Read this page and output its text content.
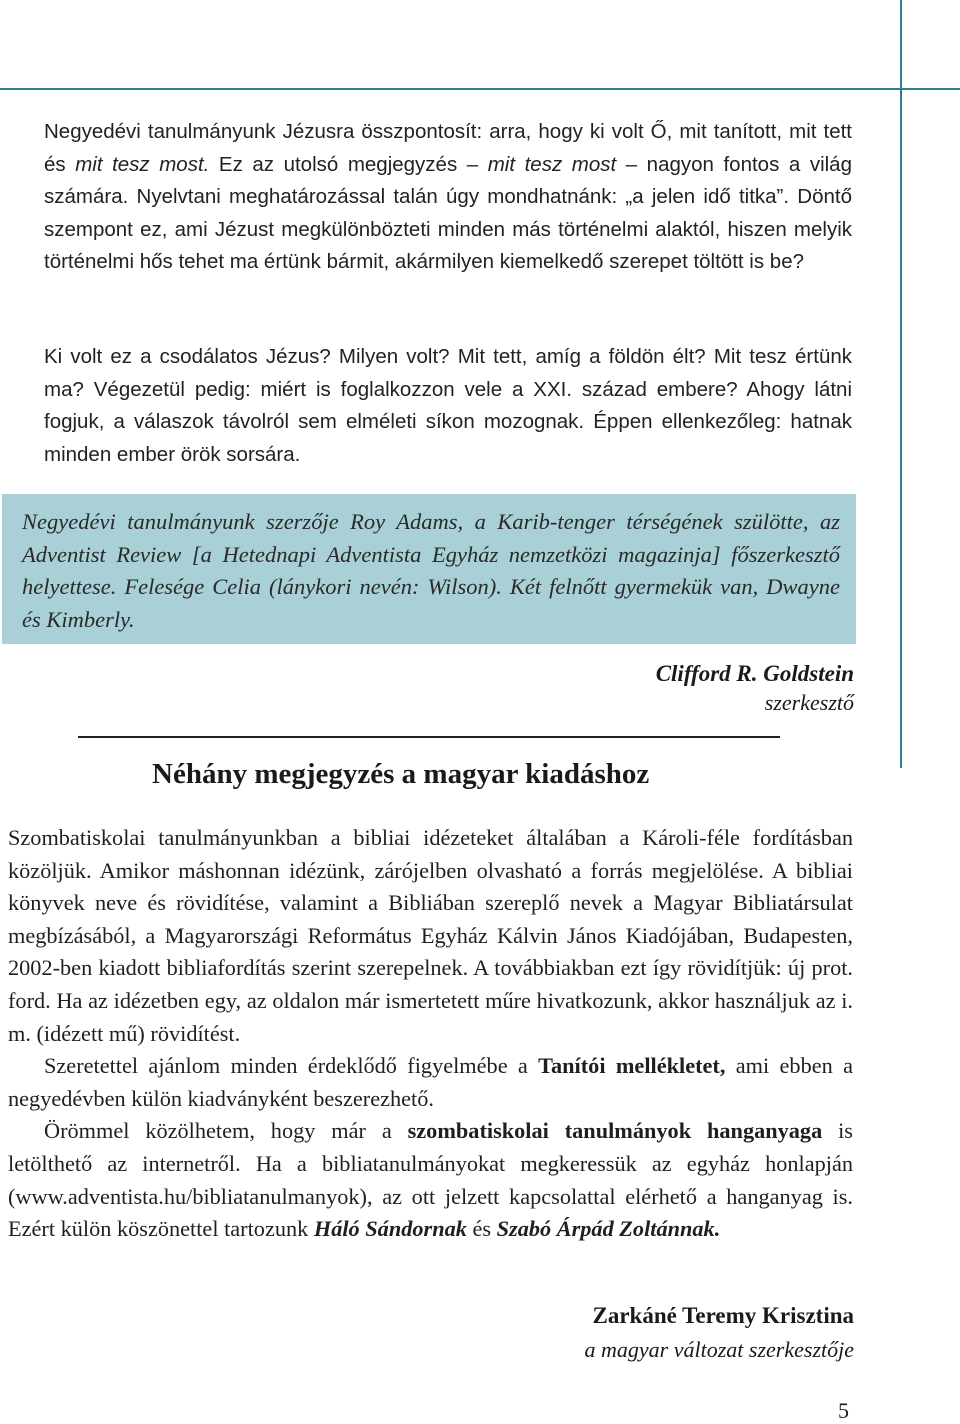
Negyedévi tanulmányunk Jézusra összpontosít: arra, hogy ki volt Ő, mit tanított, mit tett és mit tesz most. Ez az utolsó megjegyzés – mit tesz most – nagyon fontos a világ számára. Nyelvtani meghatározással talán úgy mondhatnánk: „a jelen idő titka”. Döntő szempont ez, ami Jézust megkülönbözteti minden más történelmi alaktól, hiszen melyik történelmi hős tehet ma értünk bármit, akármilyen kiemelkedő szerepet töltött is be?
Ki volt ez a csodálatos Jézus? Milyen volt? Mit tett, amíg a földön élt? Mit tesz értünk ma? Végezetül pedig: miért is foglalkozzon vele a XXI. század embere? Ahogy látni fogjuk, a válaszok távolról sem elméleti síkon mozognak. Éppen ellenkezőleg: hatnak minden ember örök sorsára.
Negyedévi tanulmányunk szerzője Roy Adams, a Karib-tenger térségének szülötte, az Adventist Review [a Hetednapi Adventista Egyház nemzetközi magazinja] főszerkesztő helyettese. Felesége Celia (lánykori nevén: Wilson). Két felnőtt gyermekük van, Dwayne és Kimberly.
Clifford R. Goldstein
szerkesztő
Néhány megjegyzés a magyar kiadáshoz

Szombatiskolai tanulmányunkban a bibliai idézeteket általában a Károli-féle fordításban közöljük. Amikor máshonnan idézünk, zárójelben olvasható a forrás megjelölése. A bibliai könyvek neve és rövidítése, valamint a Bibliában szereplő nevek a Magyar Bibliatársulat megbízásából, a Magyarországi Református Egyház Kálvin János Kiadójában, Budapesten, 2002-ben kiadott bibliafordítás szerint szerepelnek. A továbbiakban ezt így rövidítjük: új prot. ford. Ha az idézetben egy, az oldalon már ismertetett műre hivatkozunk, akkor használjuk az i. m. (idézett mű) rövidítést.

Szeretettel ajánlom minden érdeklődő figyelmébe a Tanítói mellékletet, ami ebben a negyedévben külön kiadványként beszerezhető.

Örömmel közölhetem, hogy már a szombatiskolai tanulmányok hanganyaga is letölthető az internetről. Ha a bibliatanulmányokat megkeressük az egyház honlapján (www.adventista.hu/bibliatanulmanyok), az ott jelzett kapcsolattal elérhető a hanganyag is. Ezért külön köszönettel tartozunk Háló Sándornak és Szabó Árpád Zoltánnak.

Zarkáné Teremy Krisztina
a magyar változat szerkesztője
5
